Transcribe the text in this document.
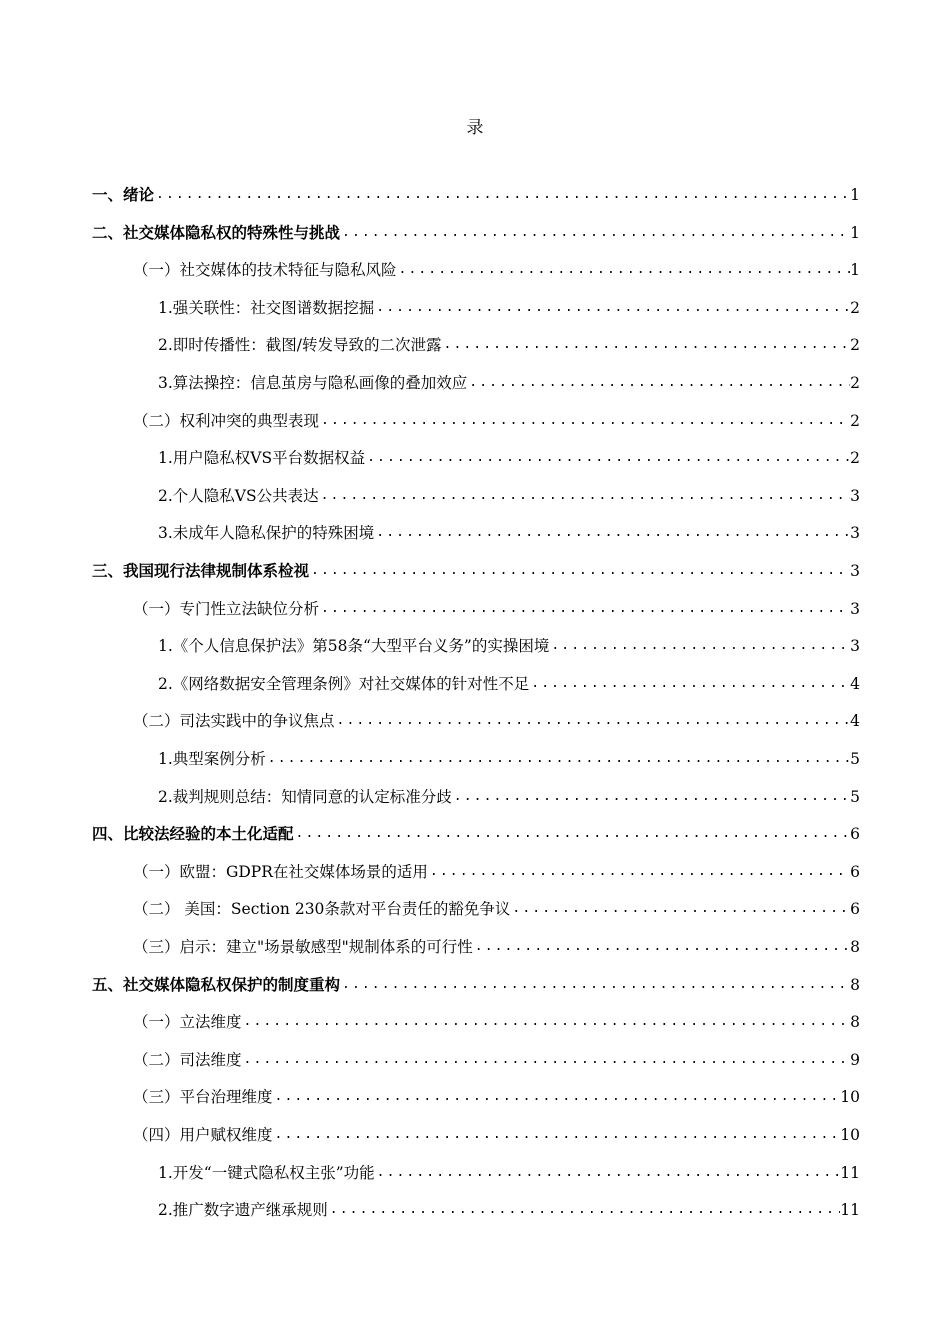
录
一、绪论 .....	1
二、社交媒体隐私权的特殊性与挑战 .....	1
（一）社交媒体的技术特征与隐私风险 .....	1
1.强关联性：社交图谱数据挖掘 .....	2
2.即时传播性：截图/转发导致的二次泄露 .....	2
3.算法操控：信息茧房与隐私画像的叠加效应 .....	2
（二）权利冲突的典型表现 .....	2
1.用户隐私权VS平台数据权益 .....	2
2.个人隐私VS公共表达 .....	3
3.未成年人隐私保护的特殊困境 .....	3
三、我国现行法律规制体系检视 .....	3
（一）专门性立法缺位分析 .....	3
1.《个人信息保护法》第58条“大型平台义务”的实操困境 .....	3
2.《网络数据安全管理条例》对社交媒体的针对性不足 .....	4
（二）司法实践中的争议焦点 .....	4
1.典型案例分析 .....	5
2.裁判规则总结：知情同意的认定标准分歧 .....	5
四、比较法经验的本土化适配 .....	6
（一）欧盟：GDPR在社交媒体场景的适用 .....	6
（二） 美国：Section 230条款对平台责任的豁免争议 .....	6
（三）启示：建立"场景敏感型"规制体系的可行性 .....	8
五、社交媒体隐私权保护的制度重构 .....	8
（一）立法维度 .....	8
（二）司法维度 .....	9
（三）平台治理维度 .....	10
（四）用户赋权维度 .....	10
1.开发“一键式隐私权主张”功能 .....	11
2.推广数字遗产继承规则 .....	11
